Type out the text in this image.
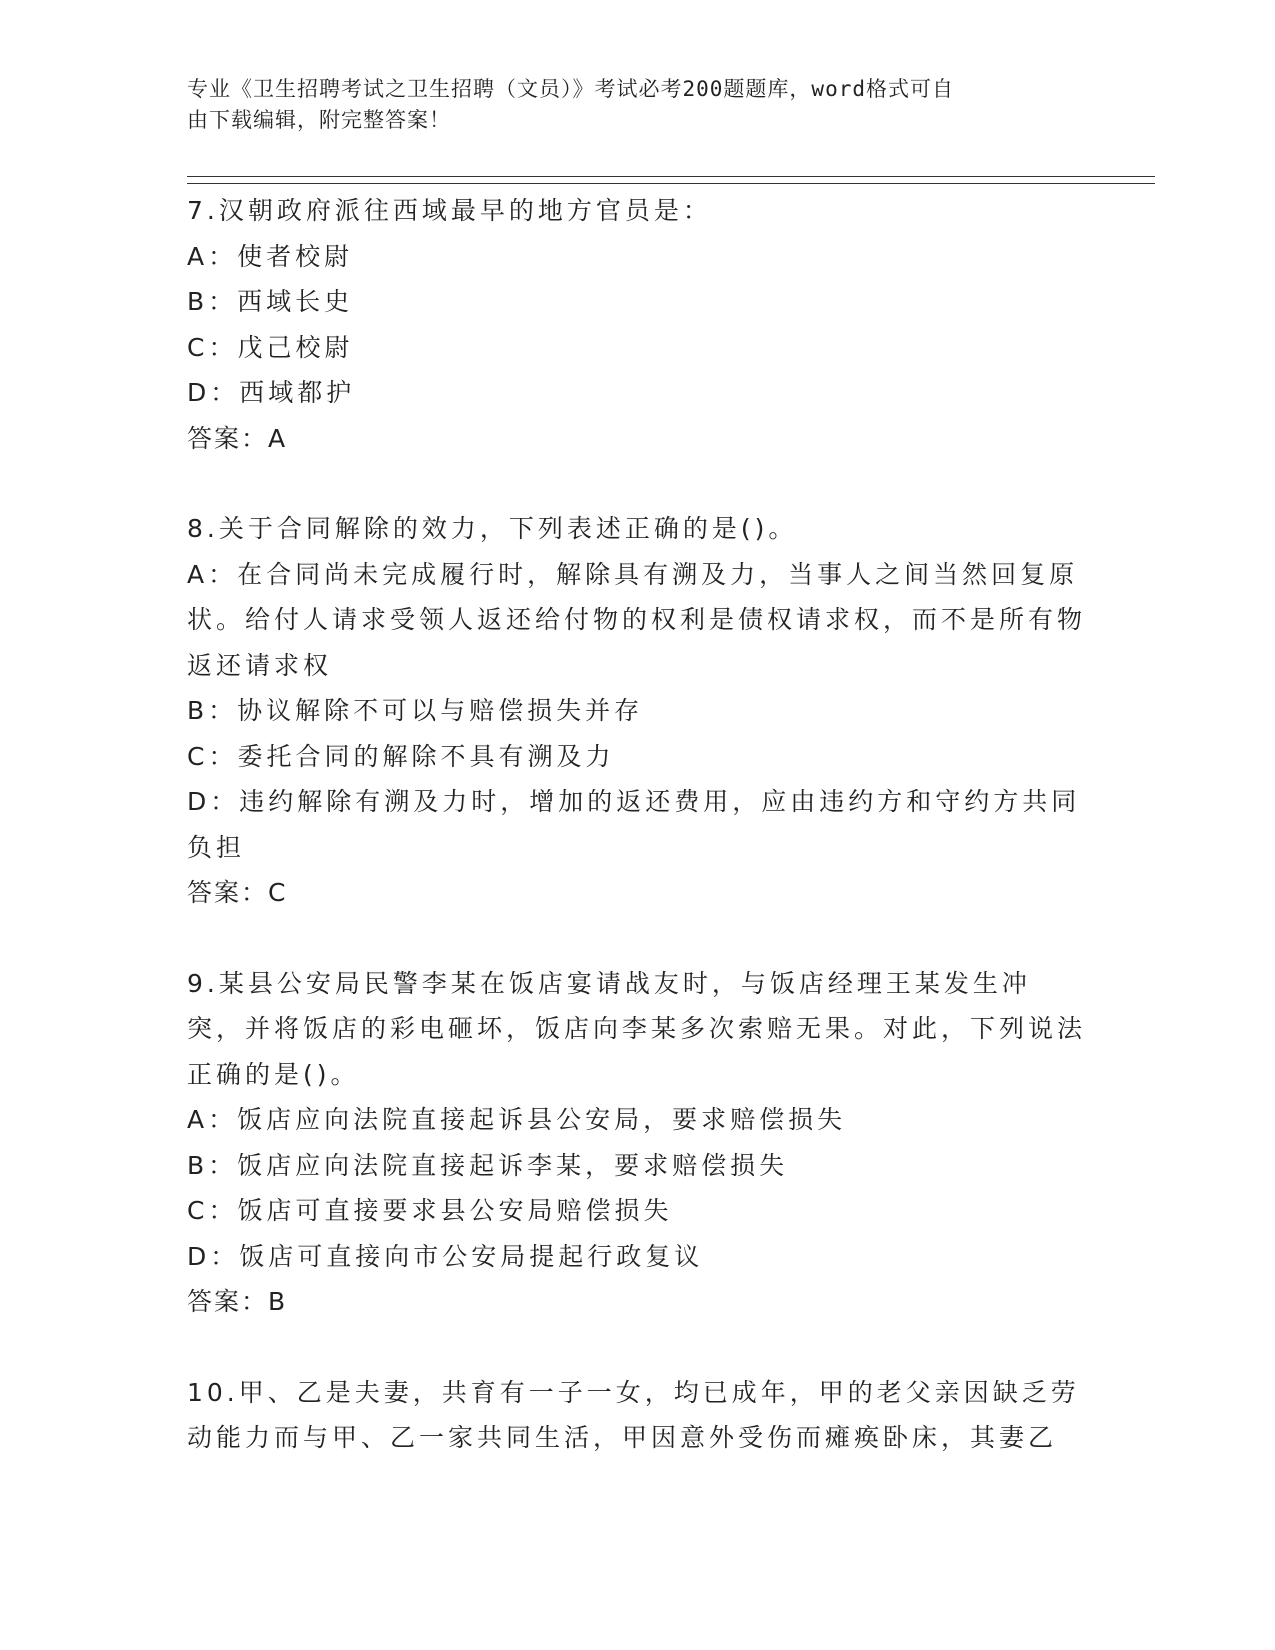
专业《卫生招聘考试之卫生招聘（文员）》考试必考200题题库，word格式可自
由下载编辑，附完整答案！

7.汉朝政府派往西域最早的地方官员是：

A：使者校尉

B：西域长史

C：戊己校尉

D：西域都护

答案：A

8.关于合同解除的效力，下列表述正确的是()。

A：在合同尚未完成履行时，解除具有溯及力，当事人之间当然回复原状。给付人请求受领人返还给付物的权利是债权请求权，而不是所有物返还请求权

B：协议解除不可以与赔偿损失并存

C：委托合同的解除不具有溯及力

D：违约解除有溯及力时，增加的返还费用，应由违约方和守约方共同负担

答案：C

9.某县公安局民警李某在饭店宴请战友时，与饭店经理王某发生冲突，并将饭店的彩电砸坏，饭店向李某多次索赔无果。对此，下列说法正确的是()。

A：饭店应向法院直接起诉县公安局，要求赔偿损失

B：饭店应向法院直接起诉李某，要求赔偿损失

C：饭店可直接要求县公安局赔偿损失

D：饭店可直接向市公安局提起行政复议

答案：B

10.甲、乙是夫妻，共育有一子一女，均已成年，甲的老父亲因缺乏劳动能力而与甲、乙一家共同生活，甲因意外受伤而瘫痪卧床，其妻乙
